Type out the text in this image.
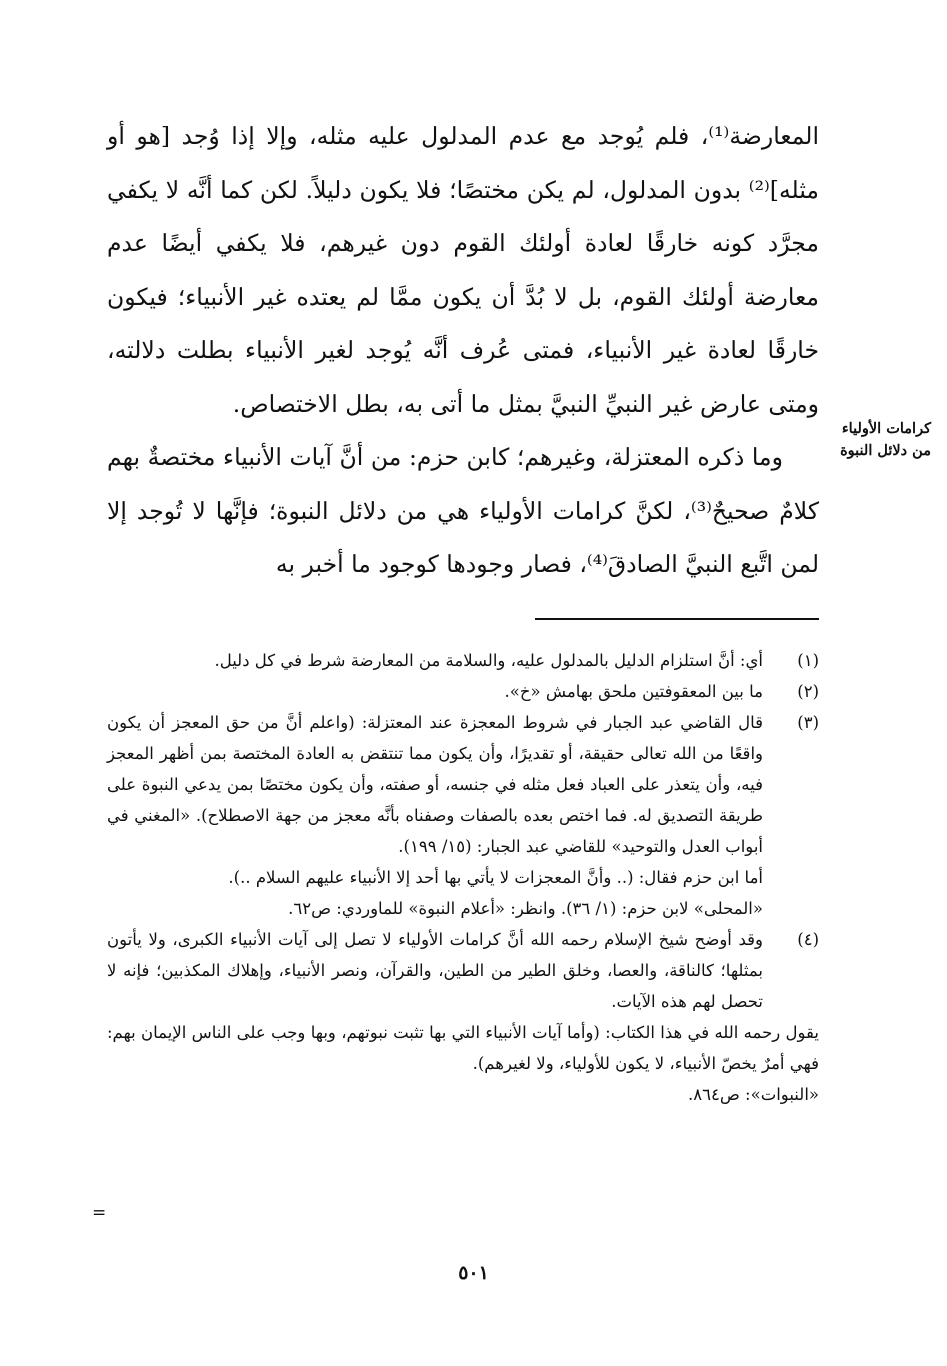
المعارضة⁽¹⁾، فلم يُوجد مع عدم المدلول عليه مثله، وإلا إذا وُجد [هو أو مثله]⁽²⁾ بدون المدلول، لم يكن مختصًا؛ فلا يكون دليلاً. لكن كما أنَّه لا يكفي مجرَّد كونه خارقًا لعادة أولئك القوم دون غيرهم، فلا يكفي أيضًا عدم معارضة أولئك القوم، بل لا بُدَّ أن يكون ممَّا لم يعتده غير الأنبياء؛ فيكون خارقًا لعادة غير الأنبياء، فمتى عُرف أنَّه يُوجد لغير الأنبياء بطلت دلالته، ومتى عارض غير النبيِّ النبيَّ بمثل ما أتى به، بطل الاختصاص.

وما ذكره المعتزلة، وغيرهم؛ كابن حزم: من أنَّ آيات الأنبياء مختصةٌ بهم كلامٌ صحيحٌ⁽³⁾، لكنَّ كرامات الأولياء هي من دلائل النبوة؛ فإنَّها لا تُوجد إلا لمن اتَّبع النبيَّ الصادقَ⁽⁴⁾، فصار وجودها كوجود ما أخبر به

كرامات الأولياء
من دلائل النبوة
(١)

أي: أنَّ استلزام الدليل بالمدلول عليه، والسلامة من المعارضة شرط في كل دليل.

(٢)

ما بين المعقوفتين ملحق بهامش «خ».

(٣)

قال القاضي عبد الجبار في شروط المعجزة عند المعتزلة: (واعلم أنَّ من حق المعجز أن يكون واقعًا من الله تعالى حقيقة، أو تقديرًا، وأن يكون مما تنتقض به العادة المختصة بمن أظهر المعجز فيه، وأن يتعذر على العباد فعل مثله في جنسه، أو صفته، وأن يكون مختصًا بمن يدعي النبوة على طريقة التصديق له. فما اختص بعده بالصفات وصفناه بأنَّه معجز من جهة الاصطلاح). «المغني في أبواب العدل والتوحيد» للقاضي عبد الجبار: (١٥/ ١٩٩).

أما ابن حزم فقال: (.. وأنَّ المعجزات لا يأتي بها أحد إلا الأنبياء عليهم السلام ..).

«المحلى» لابن حزم: (١/ ٣٦). وانظر: «أعلام النبوة» للماوردي: ص٦٢.

(٤)

وقد أوضح شيخ الإسلام رحمه الله أنَّ كرامات الأولياء لا تصل إلى آيات الأنبياء الكبرى، ولا يأتون بمثلها؛ كالناقة، والعصا، وخلق الطير من الطين، والقرآن، ونصر الأنبياء، وإهلاك المكذبين؛ فإنه لا تحصل لهم هذه الآيات.

يقول رحمه الله في هذا الكتاب: (وأما آيات الأنبياء التي بها تثبت نبوتهم، وبها وجب على الناس الإيمان بهم: فهي أمرٌ يخصّ الأنبياء، لا يكون للأولياء، ولا لغيرهم).

«النبوات»: ص٨٦٤.

=
٥٠١
